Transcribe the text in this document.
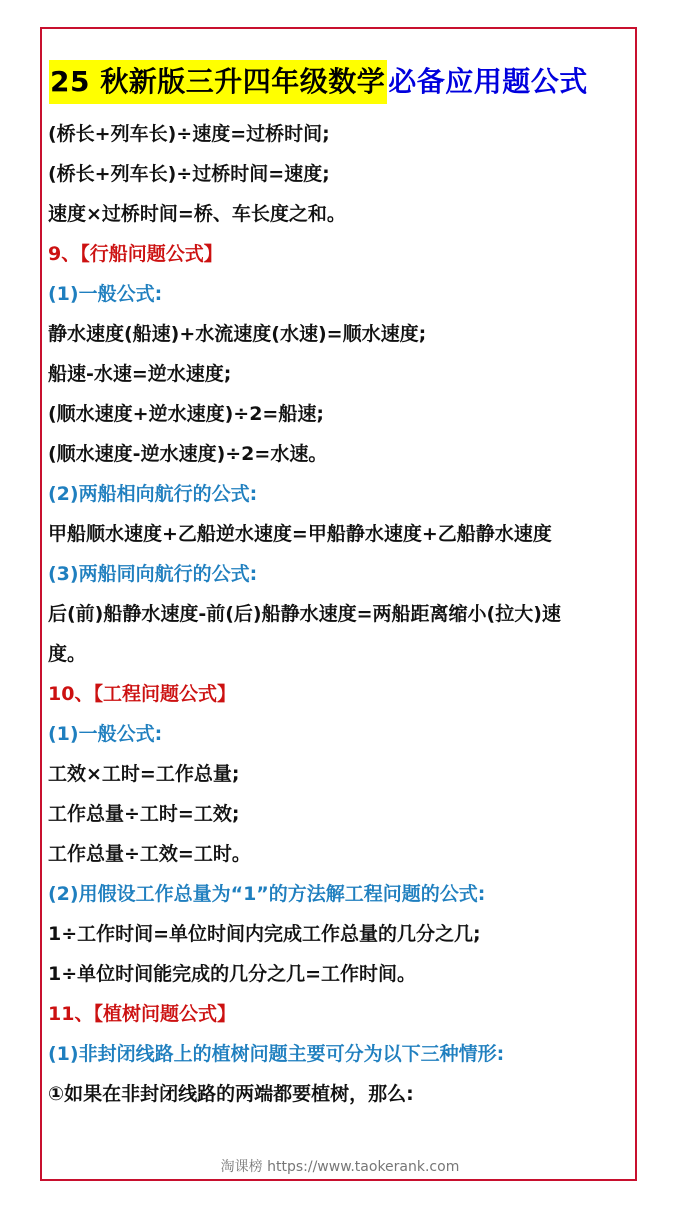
25 秋新版三升四年级数学 必备应用题公式
(桥长+列车长)÷速度=过桥时间;
(桥长+列车长)÷过桥时间=速度;
速度×过桥时间=桥、车长度之和。
9、【行船问题公式】
(1)一般公式:
静水速度(船速)+水流速度(水速)=顺水速度;
船速-水速=逆水速度;
(顺水速度+逆水速度)÷2=船速;
(顺水速度-逆水速度)÷2=水速。
(2)两船相向航行的公式:
甲船顺水速度+乙船逆水速度=甲船静水速度+乙船静水速度
(3)两船同向航行的公式:
后(前)船静水速度-前(后)船静水速度=两船距离缩小(拉大)速
度。
10、【工程问题公式】
(1)一般公式:
工效×工时=工作总量;
工作总量÷工时=工效;
工作总量÷工效=工时。
(2)用假设工作总量为“1”的方法解工程问题的公式:
1÷工作时间=单位时间内完成工作总量的几分之几;
1÷单位时间能完成的几分之几=工作时间。
11、【植树问题公式】
(1)非封闭线路上的植树问题主要可分为以下三种情形:
①如果在非封闭线路的两端都要植树，那么:
淘课榜 https://www.taokerank.com
